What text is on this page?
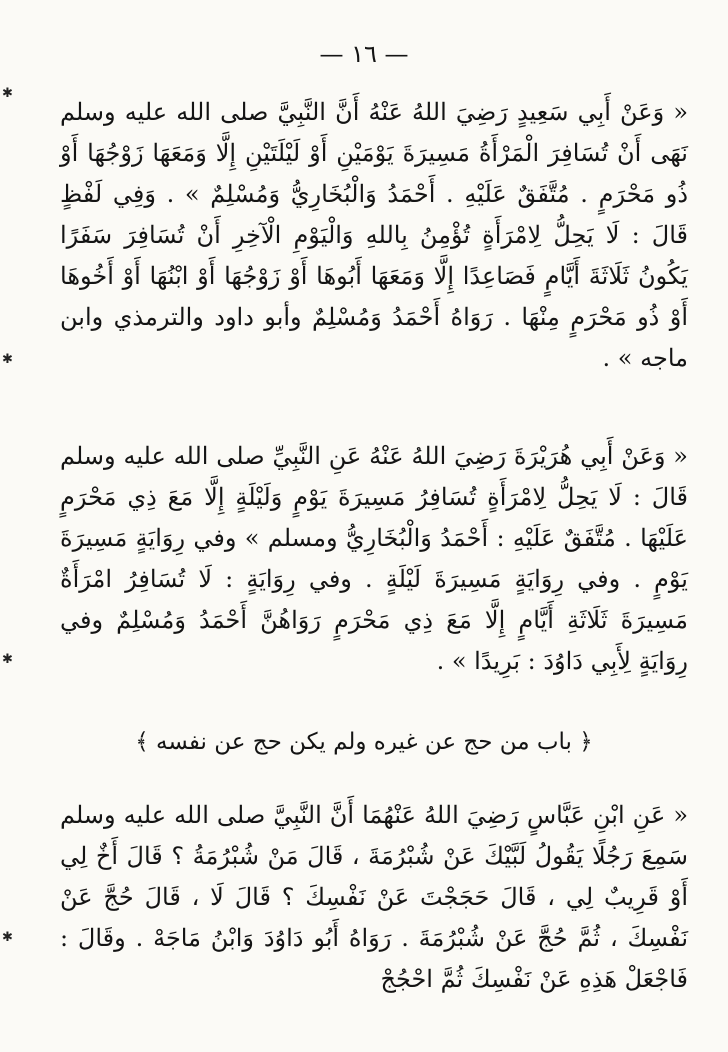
— ١٦ —
« وَعَنْ أَبِي سَعِيدٍ رَضِيَ اللهُ عَنْهُ أَنَّ النَّبِيَّ صلى الله عليه وسلم نَهَى أَنْ تُسَافِرَ الْمَرْأَةُ مَسِيرَةَ يَوْمَيْنِ أَوْ لَيْلَتَيْنِ إِلَّا وَمَعَهَا زَوْجُهَا أَوْ ذُو مَحْرَمٍ . مُتَّفَقٌ عَلَيْهِ . أَحْمَدُ وَالْبُخَارِيُّ وَمُسْلِمٌ » . وَفِي لَفْظٍ قَالَ : لَا يَحِلُّ لِامْرَأَةٍ تُؤْمِنُ بِاللهِ وَالْيَوْمِ الْآخِرِ أَنْ تُسَافِرَ سَفَرًا يَكُونُ ثَلَاثَةَ أَيَّامٍ فَصَاعِدًا إِلَّا وَمَعَهَا أَبُوهَا أَوْ زَوْجُهَا أَوْ ابْنُهَا أَوْ أَخُوهَا أَوْ ذُو مَحْرَمٍ مِنْهَا . رَوَاهُ أَحْمَدُ وَمُسْلِمٌ وأبو داود والترمذي وابن ماجه » .
« وَعَنْ أَبِي هُرَيْرَةَ رَضِيَ اللهُ عَنْهُ عَنِ النَّبِيِّ صلى الله عليه وسلم قَالَ : لَا يَحِلُّ لِامْرَأَةٍ تُسَافِرُ مَسِيرَةَ يَوْمٍ وَلَيْلَةٍ إِلَّا مَعَ ذِي مَحْرَمٍ عَلَيْهَا . مُتَّفَقٌ عَلَيْهِ : أَحْمَدُ وَالْبُخَارِيُّ ومسلم » وفي رِوَايَةٍ مَسِيرَةَ يَوْمٍ . وفي رِوَايَةٍ مَسِيرَةَ لَيْلَةٍ . وفي رِوَايَةٍ : لَا تُسَافِرُ امْرَأَةٌ مَسِيرَةَ ثَلَاثَةِ أَيَّامٍ إِلَّا مَعَ ذِي مَحْرَمٍ رَوَاهُنَّ أَحْمَدُ وَمُسْلِمٌ وفي رِوَايَةٍ لِأَبِي دَاوُدَ : بَرِيدًا » .
﴿ باب من حج عن غيره ولم يكن حج عن نفسه ﴾
« عَنِ ابْنِ عَبَّاسٍ رَضِيَ اللهُ عَنْهُمَا أَنَّ النَّبِيَّ صلى الله عليه وسلم سَمِعَ رَجُلًا يَقُولُ لَبَّيْكَ عَنْ شُبْرُمَةَ ، قَالَ مَنْ شُبْرُمَةُ ؟ قَالَ أَخٌ لِي أَوْ قَرِيبٌ لِي ، قَالَ حَجَجْتَ عَنْ نَفْسِكَ ؟ قَالَ لَا ، قَالَ حُجَّ عَنْ نَفْسِكَ ، ثُمَّ حُجَّ عَنْ شُبْرُمَةَ . رَوَاهُ أَبُو دَاوُدَ وَابْنُ مَاجَهْ . وقَالَ : فَاجْعَلْ هَذِهِ عَنْ نَفْسِكَ ثُمَّ احْجُجْ
✱
✱
✱
✱
